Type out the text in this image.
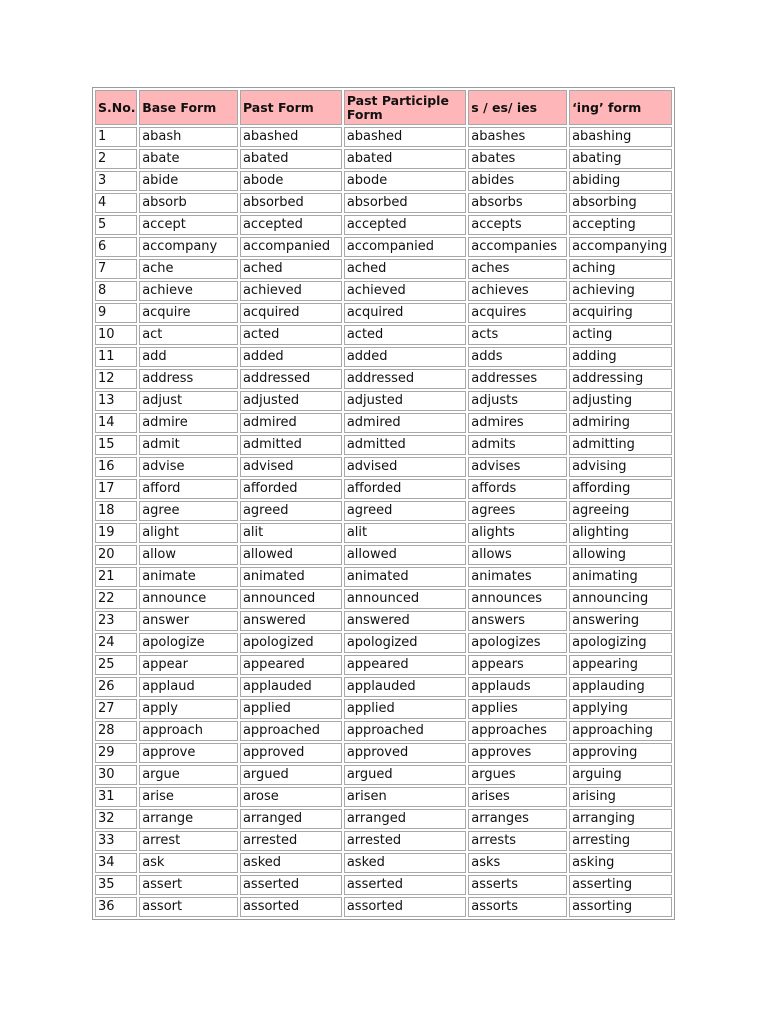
S.No.	Base Form	Past Form	Past Participle Form	s / es/ ies	‘ing’ form
1	abash	abashed	abashed	abashes	abashing
2	abate	abated	abated	abates	abating
3	abide	abode	abode	abides	abiding
4	absorb	absorbed	absorbed	absorbs	absorbing
5	accept	accepted	accepted	accepts	accepting
6	accompany	accompanied	accompanied	accompanies	accompanying
7	ache	ached	ached	aches	aching
8	achieve	achieved	achieved	achieves	achieving
9	acquire	acquired	acquired	acquires	acquiring
10	act	acted	acted	acts	acting
11	add	added	added	adds	adding
12	address	addressed	addressed	addresses	addressing
13	adjust	adjusted	adjusted	adjusts	adjusting
14	admire	admired	admired	admires	admiring
15	admit	admitted	admitted	admits	admitting
16	advise	advised	advised	advises	advising
17	afford	afforded	afforded	affords	affording
18	agree	agreed	agreed	agrees	agreeing
19	alight	alit	alit	alights	alighting
20	allow	allowed	allowed	allows	allowing
21	animate	animated	animated	animates	animating
22	announce	announced	announced	announces	announcing
23	answer	answered	answered	answers	answering
24	apologize	apologized	apologized	apologizes	apologizing
25	appear	appeared	appeared	appears	appearing
26	applaud	applauded	applauded	applauds	applauding
27	apply	applied	applied	applies	applying
28	approach	approached	approached	approaches	approaching
29	approve	approved	approved	approves	approving
30	argue	argued	argued	argues	arguing
31	arise	arose	arisen	arises	arising
32	arrange	arranged	arranged	arranges	arranging
33	arrest	arrested	arrested	arrests	arresting
34	ask	asked	asked	asks	asking
35	assert	asserted	asserted	asserts	asserting
36	assort	assorted	assorted	assorts	assorting
